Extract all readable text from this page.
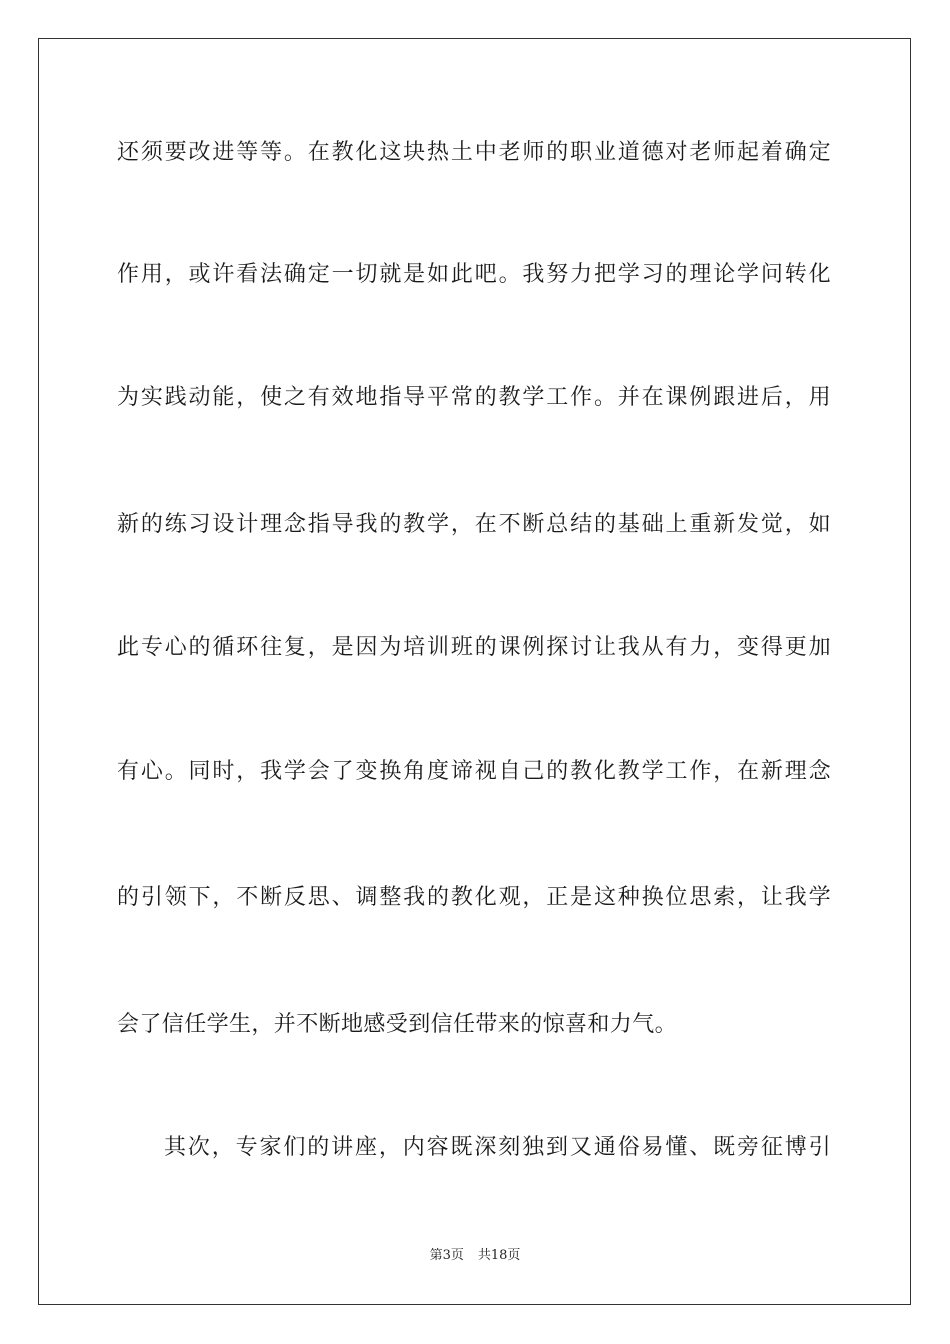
还须要改进等等。在教化这块热土中老师的职业道德对老师起着确定
作用，或许看法确定一切就是如此吧。我努力把学习的理论学问转化
为实践动能，使之有效地指导平常的教学工作。并在课例跟进后，用
新的练习设计理念指导我的教学，在不断总结的基础上重新发觉，如
此专心的循环往复，是因为培训班的课例探讨让我从有力，变得更加
有心。同时，我学会了变换角度谛视自己的教化教学工作，在新理念
的引领下，不断反思、调整我的教化观，正是这种换位思索，让我学
会了信任学生，并不断地感受到信任带来的惊喜和力气。
其次，专家们的讲座，内容既深刻独到又通俗易懂、既旁征博引
第3页 共18页
